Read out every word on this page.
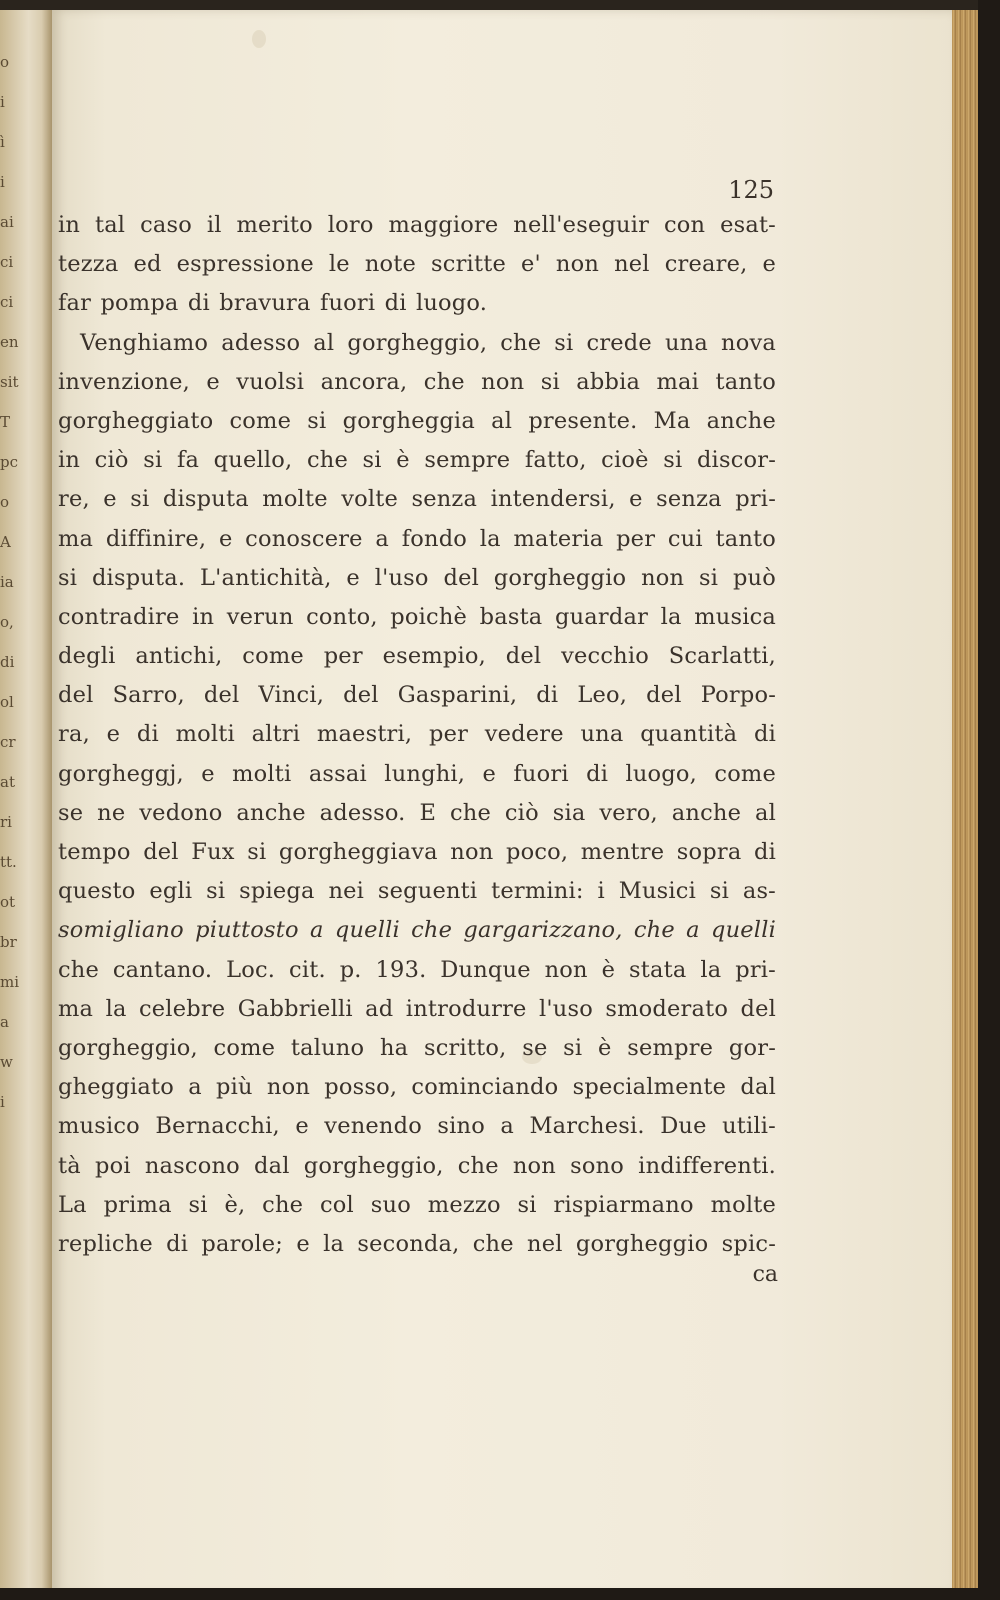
o
i
ì
i
ai
ci
ci
en
sit
T
pc
o
A
ia
o,
di
ol
cr
at
ri
tt.
ot
br
mi
a
w
i
125
in tal caso il merito loro maggiore nell'eseguir con esat-
tezza ed espressione le note scritte e' non nel creare, e
far pompa di bravura fuori di luogo.
Venghiamo adesso al gorgheggio, che si crede una nova
invenzione, e vuolsi ancora, che non si abbia mai tanto
gorgheggiato come si gorgheggia al presente. Ma anche
in ciò si fa quello, che si è sempre fatto, cioè si discor-
re, e si disputa molte volte senza intendersi, e senza pri-
ma diffinire, e conoscere a fondo la materia per cui tanto
si disputa. L'antichità, e l'uso del gorgheggio non si può
contradire in verun conto, poichè basta guardar la musica
degli antichi, come per esempio, del vecchio Scarlatti,
del Sarro, del Vinci, del Gasparini, di Leo, del Porpo-
ra, e di molti altri maestri, per vedere una quantità di
gorgheggj, e molti assai lunghi, e fuori di luogo, come
se ne vedono anche adesso. E che ciò sia vero, anche al
tempo del Fux si gorgheggiava non poco, mentre sopra di
questo egli si spiega nei seguenti termini: i Musici si as-
somigliano piuttosto a quelli che gargarizzano, che a quelli
che cantano. Loc. cit. p. 193. Dunque non è stata la pri-
ma la celebre Gabbrielli ad introdurre l'uso smoderato del
gorgheggio, come taluno ha scritto, se si è sempre gor-
gheggiato a più non posso, cominciando specialmente dal
musico Bernacchi, e venendo sino a Marchesi. Due utili-
tà poi nascono dal gorgheggio, che non sono indifferenti.
La prima si è, che col suo mezzo si rispiarmano molte
repliche di parole; e la seconda, che nel gorgheggio spic-
ca
